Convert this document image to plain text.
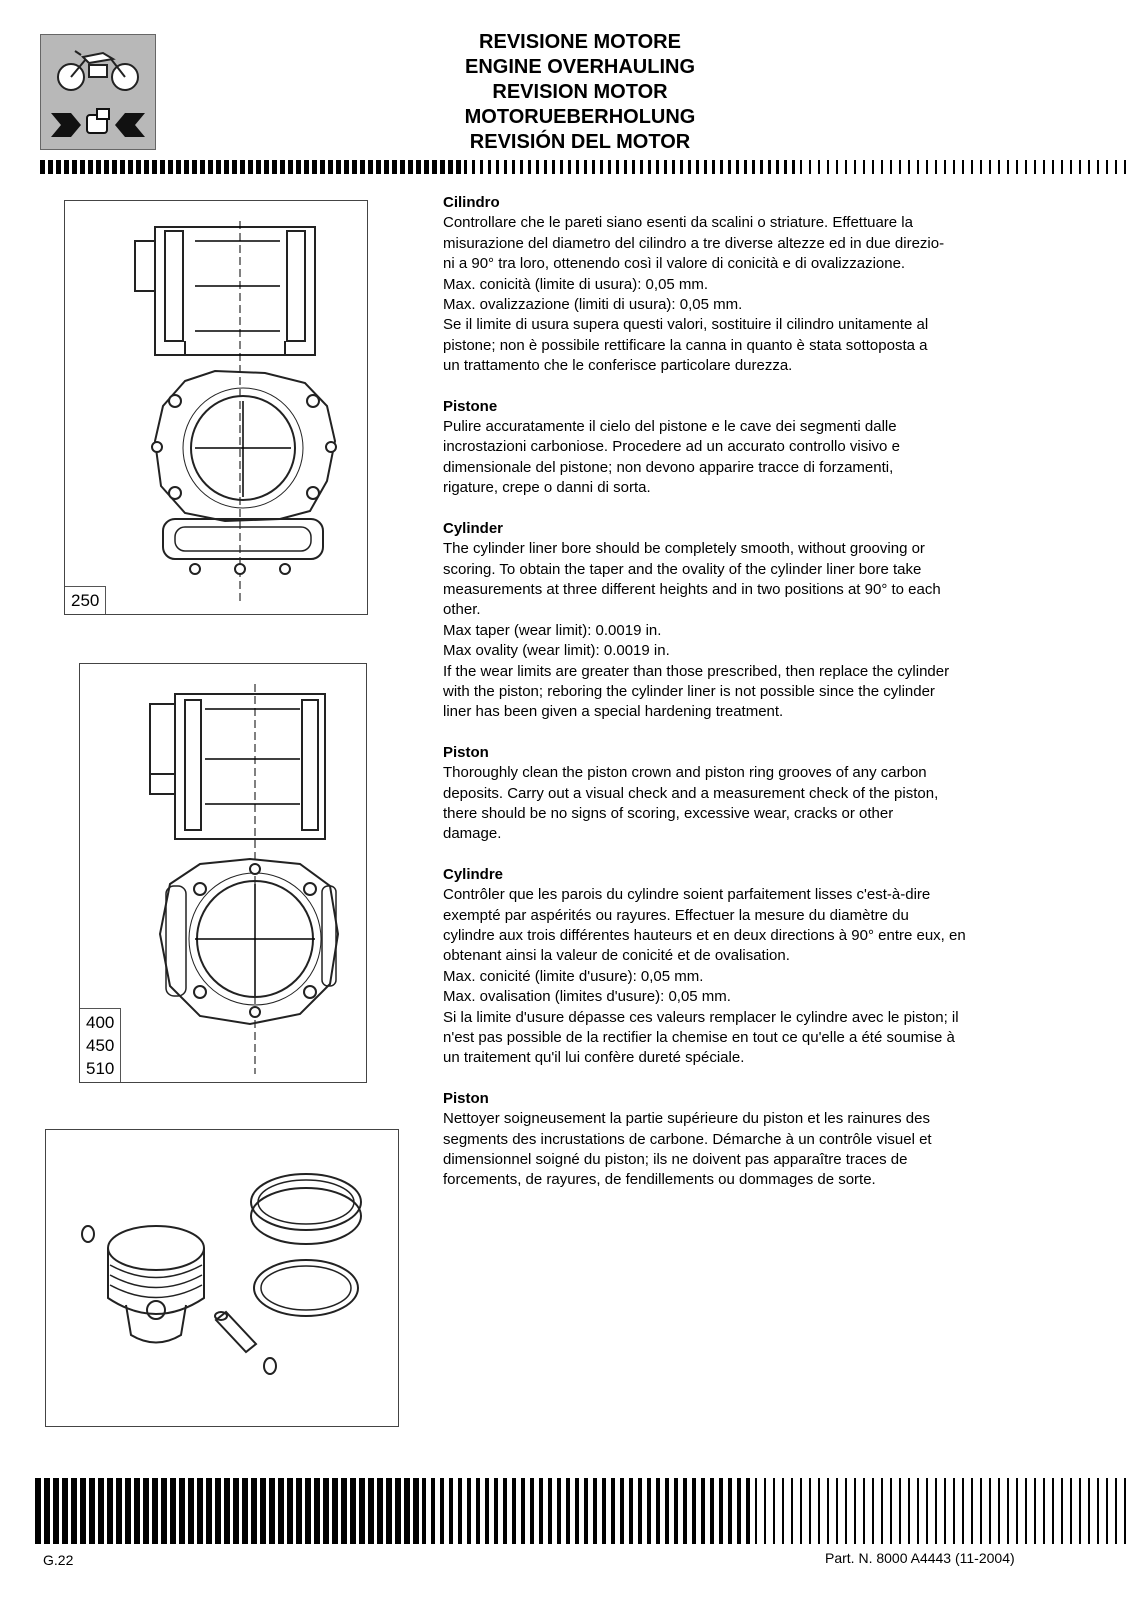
REVISIONE MOTORE
ENGINE OVERHAULING
REVISION MOTOR
MOTORUEBERHOLUNG
REVISIÓN DEL MOTOR
250
400
450
510
Cilindro

Controllare che le pareti siano esenti da scalini o striature. Effettuare la

misurazione del diametro del cilindro a tre diverse altezze ed in due direzio-

ni a 90° tra loro, ottenendo così il valore di conicità e di ovalizzazione.

Max. conicità (limite di usura): 0,05 mm.

Max. ovalizzazione (limiti di usura): 0,05 mm.

Se il limite di usura supera questi valori, sostituire il cilindro unitamente al

pistone; non è possibile rettificare la canna in quanto è stata sottoposta a

un trattamento che le conferisce particolare durezza.

Pistone

Pulire accuratamente il cielo del pistone e le cave dei segmenti dalle

incrostazioni carboniose. Procedere ad un accurato controllo visivo e

dimensionale del pistone; non devono apparire tracce di forzamenti,

rigature, crepe o danni di sorta.

Cylinder

The cylinder liner bore should be completely smooth, without grooving or

scoring. To obtain the taper and the ovality of the cylinder liner bore take

measurements at three different heights and in two positions at 90° to each

other.

Max taper (wear limit): 0.0019 in.

Max ovality (wear limit): 0.0019 in.

If the wear limits are greater than those prescribed, then replace the cylinder

with the piston; reboring the cylinder liner is not possible since the cylinder

liner has been given a special hardening treatment.

Piston

Thoroughly clean the piston crown and piston ring grooves of any carbon

deposits. Carry out a visual check and a measurement check of the piston,

there should be no signs of scoring, excessive wear, cracks or other

damage.

Cylindre

Contrôler que les parois du cylindre soient parfaitement lisses c'est-à-dire

exempté par aspérités ou rayures. Effectuer la mesure du diamètre du

cylindre aux trois différentes hauteurs et en deux directions à 90° entre eux, en

obtenant ainsi la valeur de conicité et de ovalisation.

Max. conicité (limite d'usure): 0,05 mm.

Max. ovalisation (limites d'usure): 0,05 mm.

Si la limite d'usure dépasse ces valeurs remplacer le cylindre avec le piston; il

n'est pas possible de la rectifier la chemise en tout ce qu'elle a été soumise à

un traitement qu'il lui confère dureté spéciale.

Piston

Nettoyer soigneusement la partie supérieure du piston et les rainures des

segments des incrustations de carbone. Démarche à un contrôle visuel et

dimensionnel soigné du piston; ils ne doivent pas apparaître traces de

forcements, de rayures, de fendillements ou dommages de sorte.

G.22	Part. N. 8000 A4443 (11-2004)
